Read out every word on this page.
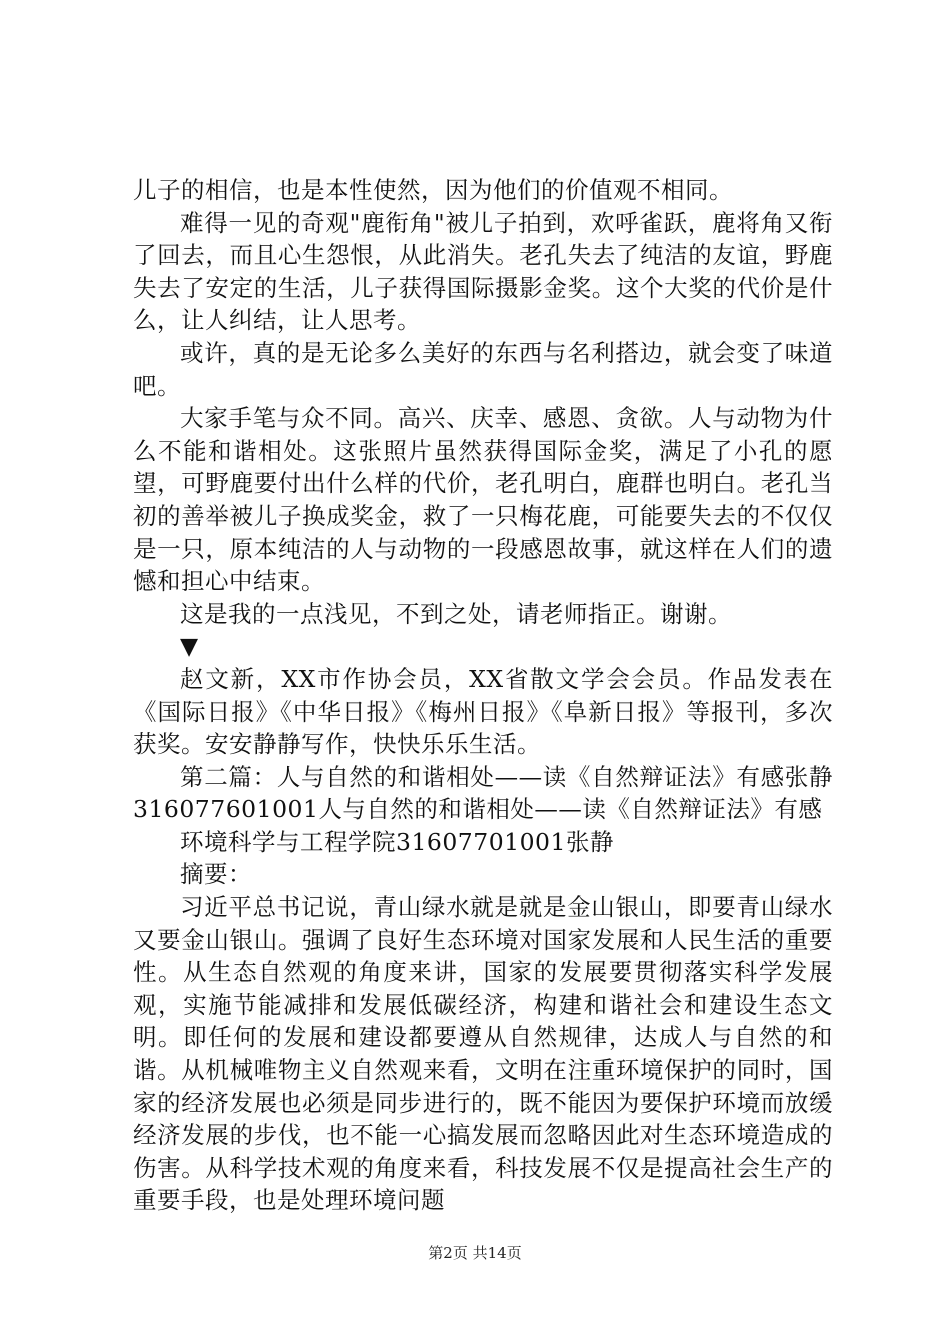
儿子的相信，也是本性使然，因为他们的价值观不相同。

难得一见的奇观"鹿衔角"被儿子拍到，欢呼雀跃，鹿将角又衔了回去，而且心生怨恨，从此消失。老孔失去了纯洁的友谊，野鹿失去了安定的生活，儿子获得国际摄影金奖。这个大奖的代价是什么，让人纠结，让人思考。

或许，真的是无论多么美好的东西与名利搭边，就会变了味道吧。

大家手笔与众不同。高兴、庆幸、感恩、贪欲。人与动物为什么不能和谐相处。这张照片虽然获得国际金奖，满足了小孔的愿望，可野鹿要付出什么样的代价，老孔明白，鹿群也明白。老孔当初的善举被儿子换成奖金，救了一只梅花鹿，可能要失去的不仅仅是一只，原本纯洁的人与动物的一段感恩故事，就这样在人们的遗憾和担心中结束。

这是我的一点浅见，不到之处，请老师指正。谢谢。

▼

赵文新，XX市作协会员，XX省散文学会会员。作品发表在《国际日报》《中华日报》《梅州日报》《阜新日报》等报刊，多次获奖。安安静静写作，快快乐乐生活。

第二篇：人与自然的和谐相处——读《自然辩证法》有感张静316077601001人与自然的和谐相处——读《自然辩证法》有感

环境科学与工程学院31607701001张静

摘要：

习近平总书记说，青山绿水就是就是金山银山，即要青山绿水又要金山银山。强调了良好生态环境对国家发展和人民生活的重要性。从生态自然观的角度来讲，国家的发展要贯彻落实科学发展观，实施节能减排和发展低碳经济，构建和谐社会和建设生态文明。即任何的发展和建设都要遵从自然规律，达成人与自然的和谐。从机械唯物主义自然观来看，文明在注重环境保护的同时，国家的经济发展也必须是同步进行的，既不能因为要保护环境而放缓经济发展的步伐，也不能一心搞发展而忽略因此对生态环境造成的伤害。从科学技术观的角度来看，科技发展不仅是提高社会生产的重要手段，也是处理环境问题

第2页 共14页
